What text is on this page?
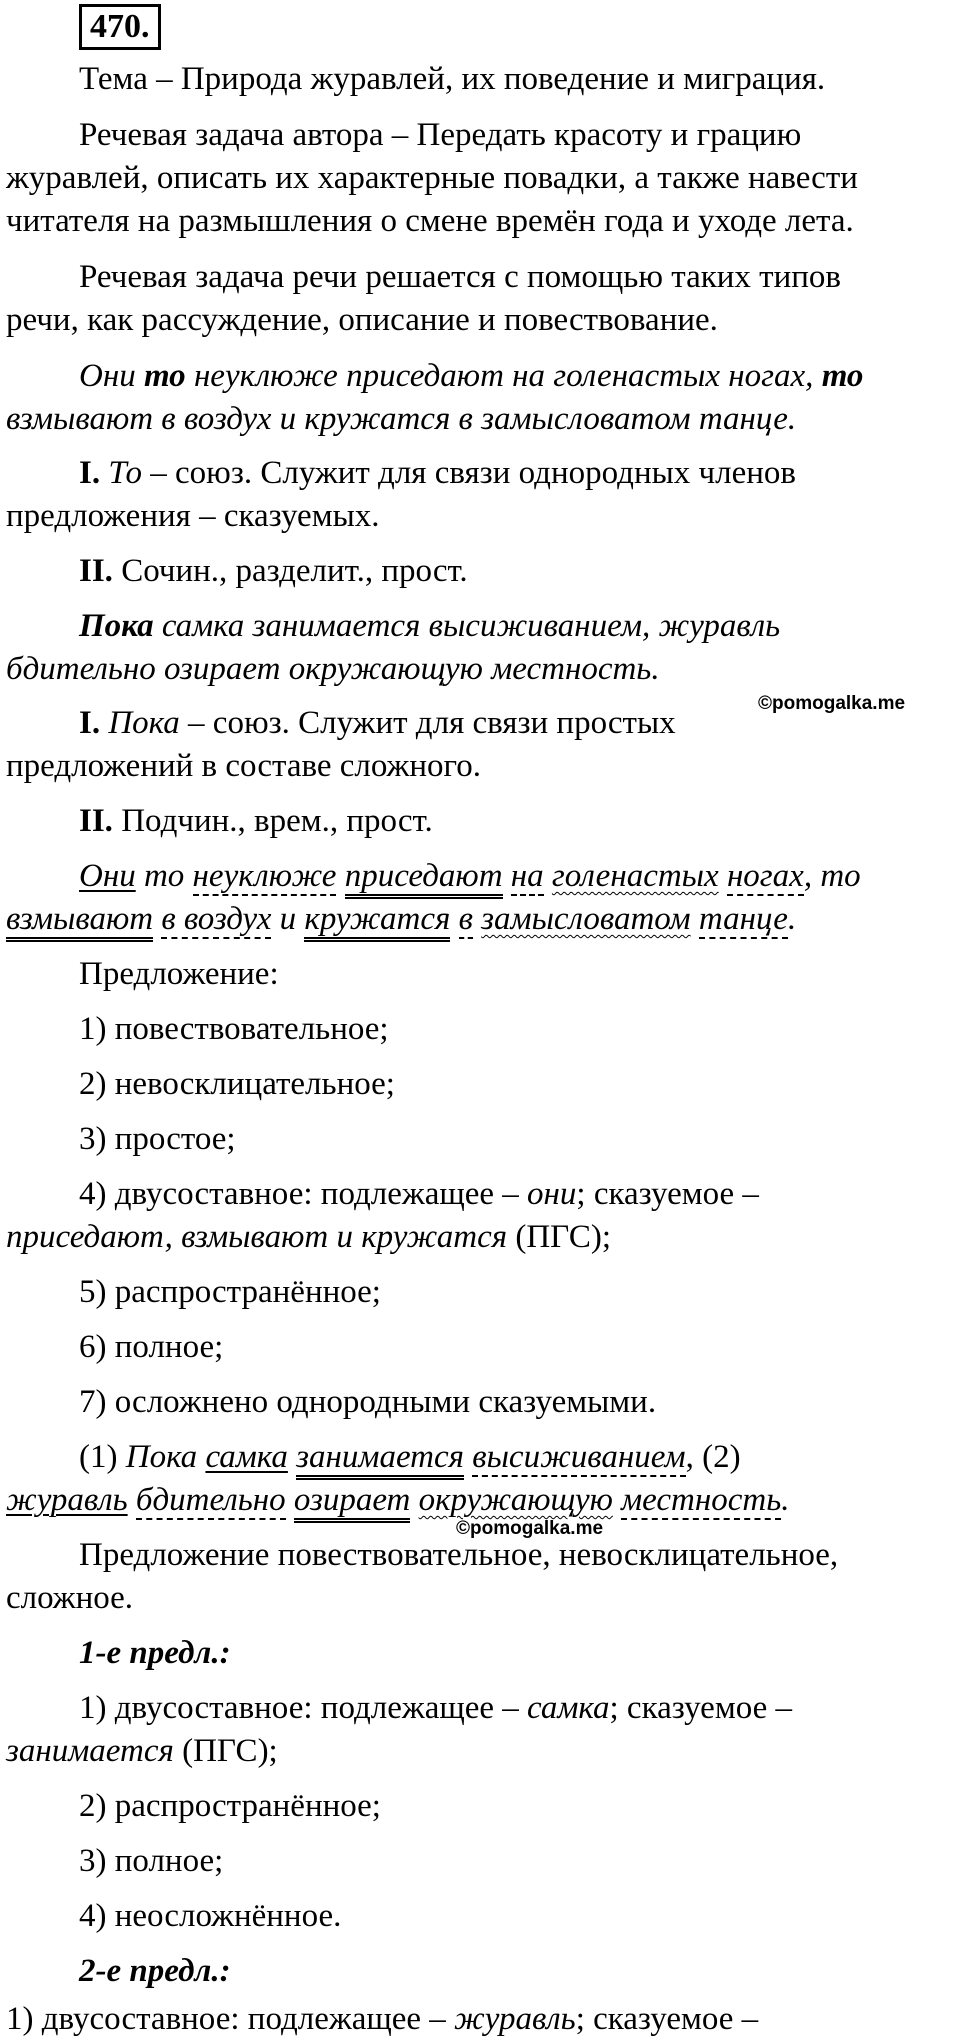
470.
Тема – Природа журавлей, их поведение и миграция.
Речевая задача автора – Передать красоту и грацию
журавлей, описать их характерные повадки, а также навести
читателя на размышления о смене времён года и уходе лета.
Речевая задача речи решается с помощью таких типов
речи, как рассуждение, описание и повествование.
Они то неуклюже приседают на голенастых ногах, то
взмывают в воздух и кружатся в замысловатом танце.
I. То – союз. Служит для связи однородных членов
предложения – сказуемых.
II. Сочин., разделит., прост.
Пока самка занимается высиживанием, журавль
бдительно озирает окружающую местность.
I. Пока – союз. Служит для связи простых
©pomogalka.me
предложений в составе сложного.
II. Подчин., врем., прост.
Они то неуклюже приседают на голенастых ногах, то
взмывают в воздух и кружатся в замысловатом танце.
Предложение:
1) повествовательное;
2) невосклицательное;
3) простое;
4) двусоставное: подлежащее – они; сказуемое –
приседают, взмывают и кружатся (ПГС);
5) распространённое;
6) полное;
7) осложнено однородными сказуемыми.
(1) Пока самка занимается высиживанием, (2)
журавль бдительно озирает окружающую местность.
©pomogalka.me
Предложение повествовательное, невосклицательное,
сложное.
1-е предл.:
1) двусоставное: подлежащее – самка; сказуемое –
занимается (ПГС);
2) распространённое;
3) полное;
4) неосложнённое.
2-е предл.:
1) двусоставное: подлежащее – журавль; сказуемое –
